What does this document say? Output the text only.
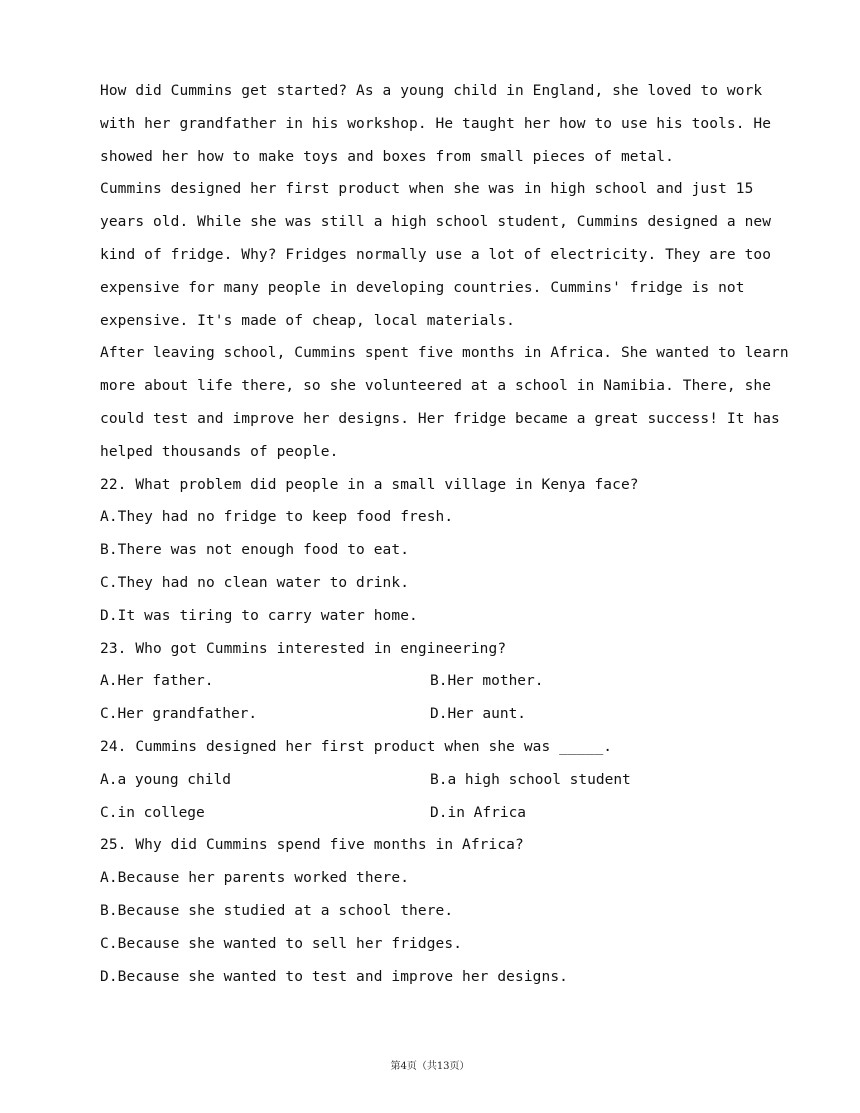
How did Cummins get started? As a young child in England, she loved to work
with her grandfather in his workshop. He taught her how to use his tools. He
showed her how to make toys and boxes from small pieces of metal.
Cummins designed her first product when she was in high school and just 15
years old. While she was still a high school student, Cummins designed a new
kind of fridge. Why? Fridges normally use a lot of electricity. They are too
expensive for many people in developing countries. Cummins' fridge is not
expensive. It's made of cheap, local materials.
After leaving school, Cummins spent five months in Africa. She wanted to learn
more about life there, so she volunteered at a school in Namibia. There, she
could test and improve her designs. Her fridge became a great success! It has
helped thousands of people.
22. What problem did people in a small village in Kenya face?
A.They had no fridge to keep food fresh.
B.There was not enough food to eat.
C.They had no clean water to drink.
D.It was tiring to carry water home.
23. Who got Cummins interested in engineering?
A.Her father.	B.Her mother.
C.Her grandfather.	D.Her aunt.
24. Cummins designed her first product when she was _____.
A.a young child	B.a high school student
C.in college	D.in Africa
25. Why did Cummins spend five months in Africa?
A.Because her parents worked there.
B.Because she studied at a school there.
C.Because she wanted to sell her fridges.
D.Because she wanted to test and improve her designs.
第4页（共13页）
